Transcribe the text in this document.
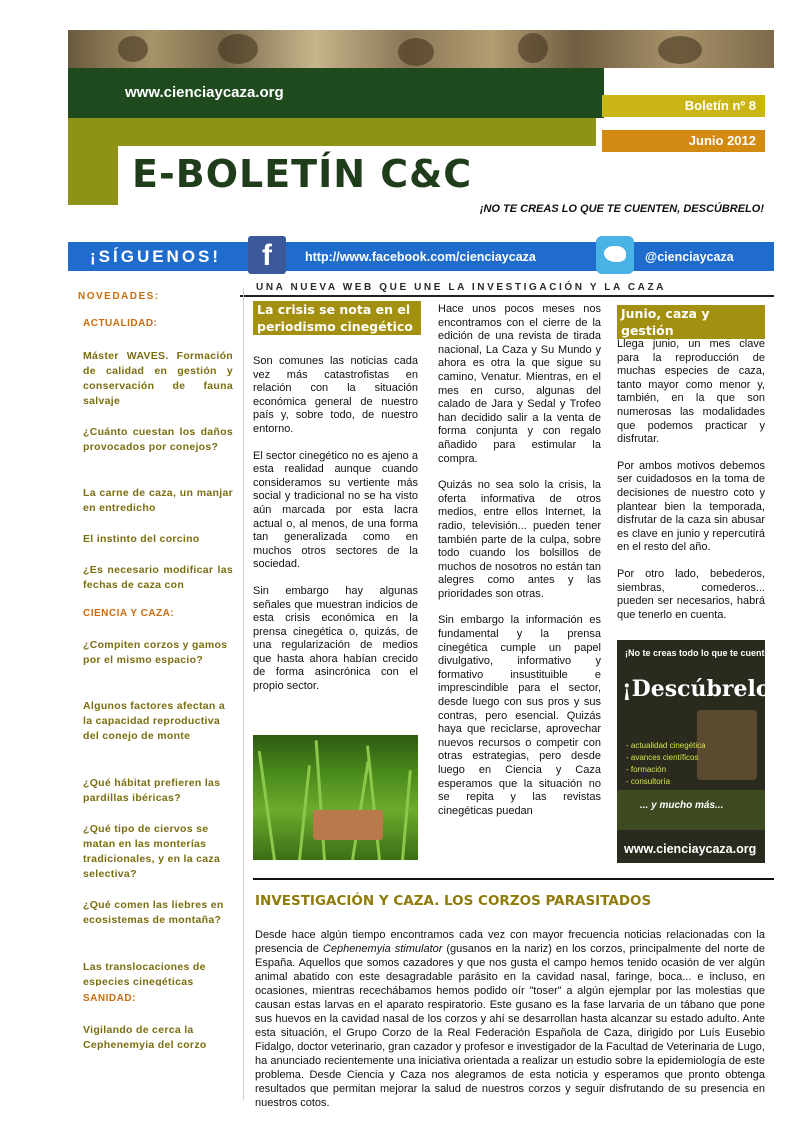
www.cienciaycaza.org
E-BOLETÍN C&C
Boletín nº 8
Junio 2012
¡NO TE CREAS LO QUE TE CUENTEN, DESCÚBRELO!
¡SÍGUENOS!	f	http://www.facebook.com/cienciaycaza	@cienciaycaza
UNA NUEVA WEB QUE UNE LA INVESTIGACIÓN Y LA CAZA
NOVEDADES:
ACTUALIDAD:
Máster WAVES. Formación de calidad en gestión y conservación de fauna salvaje
¿Cuánto cuestan los daños provocados por conejos?
La carne de caza, un manjar en entredicho
El instinto del corcino
¿Es necesario modificar las fechas de caza con
CIENCIA Y CAZA:
¿Compiten corzos y gamos por el mismo espacio?
Algunos factores afectan a la capacidad reproductiva del conejo de monte
¿Qué hábitat prefieren las pardillas ibéricas?
¿Qué tipo de ciervos se matan en las monterías tradicionales, y en la caza selectiva?
¿Qué comen las liebres en ecosistemas de montaña?
Las translocaciones de especies cinegéticas
SANIDAD:
Vigilando de cerca la Cephenemyia del corzo
La crisis se nota en el periodismo cinegético

Son comunes las noticias cada vez más catastrofistas en relación con la situación económica general de nuestro país y, sobre todo, de nuestro entorno.

El sector cinegético no es ajeno a esta realidad aunque cuando consideramos su vertiente más social y tradicional no se ha visto aún marcada por esta lacra actual o, al menos, de una forma tan generalizada como en muchos otros sectores de la sociedad.

Sin embargo hay algunas señales que muestran indicios de esta crisis económica en la prensa cinegética o, quizás, de una regularización de medios que hasta ahora habían crecido de forma asincrónica con el propio sector.

Hace unos pocos meses nos encontramos con el cierre de la edición de una revista de tirada nacional, La Caza y Su Mundo y ahora es otra la que sigue su camino, Venatur. Mientras, en el mes en curso, algunas del calado de Jara y Sedal y Trofeo han decidido salir a la venta de forma conjunta y con regalo añadido para estimular la compra.

Quizás no sea solo la crisis, la oferta informativa de otros medios, entre ellos Internet, la radio, televisión... pueden tener también parte de la culpa, sobre todo cuando los bolsillos de muchos de nosotros no están tan alegres como antes y las prioridades son otras.

Sin embargo la información es fundamental y la prensa cinegética cumple un papel divulgativo, informativo y formativo insustituible e imprescindible para el sector, desde luego con sus pros y sus contras, pero esencial. Quizás haya que reciclarse, aprovechar nuevos recursos o competir con otras estrategias, pero desde luego en Ciencia y Caza esperamos que la situación no se repita y las revistas cinegéticas puedan

Junio, caza y gestión

Llega junio, un mes clave para la reproducción de muchas especies de caza, tanto mayor como menor y, también, en la que son numerosas las modalidades que podemos practicar y disfrutar.

Por ambos motivos debemos ser cuidadosos en la toma de decisiones de nuestro coto y plantear bien la temporada, disfrutar de la caza sin abusar es clave en junio y repercutirá en el resto del año.

Por otro lado, bebederos, siembras, comederos... pueden ser necesarios, habrá que tenerlo en cuenta.

¡No te creas todo lo que te cuenten!
¡Descúbrelo!
- actualidad cinegética
- avances científicos
- formación
- consultoría
... y mucho más...
www.cienciaycaza.org
INVESTIGACIÓN Y CAZA. LOS CORZOS PARASITADOS
Desde hace algún tiempo encontramos cada vez con mayor frecuencia noticias relacionadas con la presencia de Cephenemyia stimulator (gusanos en la nariz) en los corzos, principalmente del norte de España. Aquellos que somos cazadores y que nos gusta el campo hemos tenido ocasión de ver algún animal abatido con este desagradable parásito en la cavidad nasal, faringe, boca... e incluso, en ocasiones, mientras recechábamos hemos podido oír "toser" a algún ejemplar por las molestias que causan estas larvas en el aparato respiratorio. Este gusano es la fase larvaria de un tábano que pone sus huevos en la cavidad nasal de los corzos y ahí se desarrollan hasta alcanzar su estado adulto. Ante esta situación, el Grupo Corzo de la Real Federación Española de Caza, dirigido por Luís Eusebio Fidalgo, doctor veterinario, gran cazador y profesor e investigador de la Facultad de Veterinaria de Lugo, ha anunciado recientemente una iniciativa orientada a realizar un estudio sobre la epidemiología de este problema. Desde Ciencia y Caza nos alegramos de esta noticia y esperamos que pronto obtenga resultados que permitan mejorar la salud de nuestros corzos y seguir disfrutando de su presencia en nuestros cotos.
